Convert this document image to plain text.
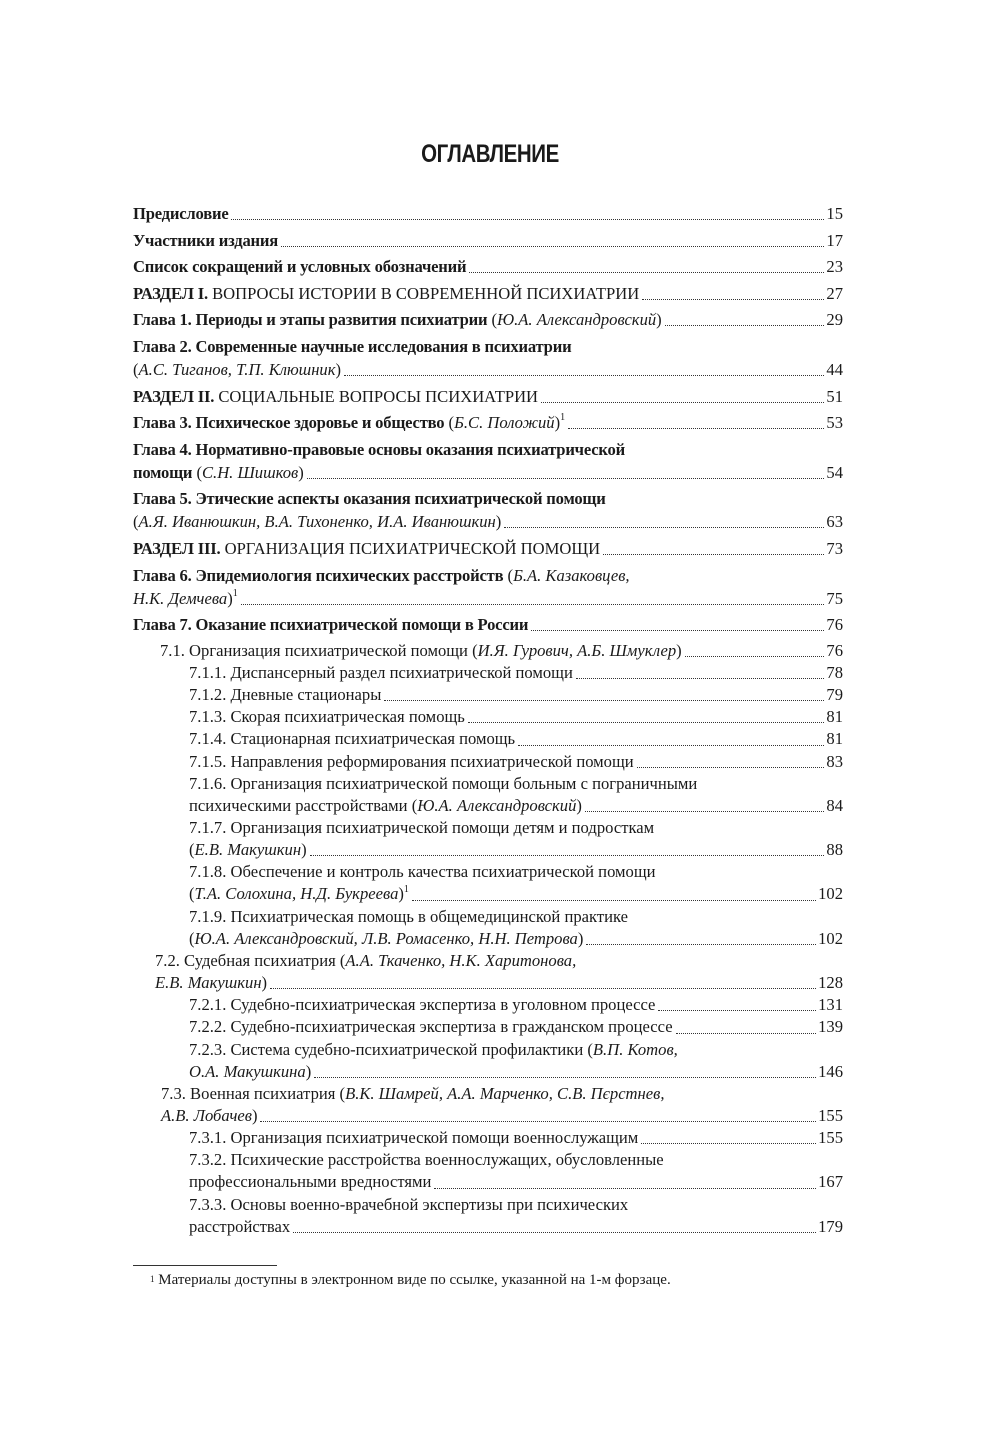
ОГЛАВЛЕНИЕ
Предисловие	15
Участники издания	17
Список сокращений и условных обозначений	23
РАЗДЕЛ I. ВОПРОСЫ ИСТОРИИ В СОВРЕМЕННОЙ ПСИХИАТРИИ	27
Глава 1. Периоды и этапы развития психиатрии (Ю.А. Александровский)	29
Глава 2. Современные научные исследования в психиатрии
(А.С. Тиганов, Т.П. Клюшник)	44
РАЗДЕЛ II. СОЦИАЛЬНЫЕ ВОПРОСЫ ПСИХИАТРИИ	51
Глава 3. Психическое здоровье и общество (Б.С. Положий)$^1$	53
Глава 4. Нормативно-правовые основы оказания психиатрической
помощи (С.Н. Шишков)	54
Глава 5. Этические аспекты оказания психиатрической помощи
(А.Я. Иванюшкин, В.А. Тихоненко, И.А. Иванюшкин)	63
РАЗДЕЛ III. ОРГАНИЗАЦИЯ ПСИХИАТРИЧЕСКОЙ ПОМОЩИ	73
Глава 6. Эпидемиология психических расстройств (Б.А. Казаковцев,
Н.К. Демчева)$^1$	75
Глава 7. Оказание психиатрической помощи в России	76
7.1. Организация психиатрической помощи (И.Я. Гурович, А.Б. Шмуклер)	76
7.1.1. Диспансерный раздел психиатрической помощи	78
7.1.2. Дневные стационары	79
7.1.3. Скорая психиатрическая помощь	81
7.1.4. Стационарная психиатрическая помощь	81
7.1.5. Направления реформирования психиатрической помощи	83
7.1.6. Организация психиатрической помощи больным с пограничными
психическими расстройствами (Ю.А. Александровский)	84
7.1.7. Организация психиатрической помощи детям и подросткам
(Е.В. Макушкин)	88
7.1.8. Обеспечение и контроль качества психиатрической помощи
(Т.А. Солохина, Н.Д. Букреева)$^1$	102
7.1.9. Психиатрическая помощь в общемедицинской практике
(Ю.А. Александровский, Л.В. Ромасенко, Н.Н. Петрова)	102
7.2. Судебная психиатрия (А.А. Ткаченко, Н.К. Харитонова,
Е.В. Макушкин)	128
7.2.1. Судебно-психиатрическая экспертиза в уголовном процессе	131
7.2.2. Судебно-психиатрическая экспертиза в гражданском процессе	139
7.2.3. Система судебно-психиатрической профилактики (В.П. Котов,
О.А. Макушкина)	146
7.3. Военная психиатрия (В.К. Шамрей, А.А. Марченко, С.В. Пєрстнев,
А.В. Лобачев)	155
7.3.1. Организация психиатрической помощи военнослужащим	155
7.3.2. Психические расстройства военнослужащих, обусловленные
профессиональными вредностями	167
7.3.3. Основы военно-врачебной экспертизы при психических
расстройствах	179
$^1$ Материалы доступны в электронном виде по ссылке, указанной на 1-м форзаце.
